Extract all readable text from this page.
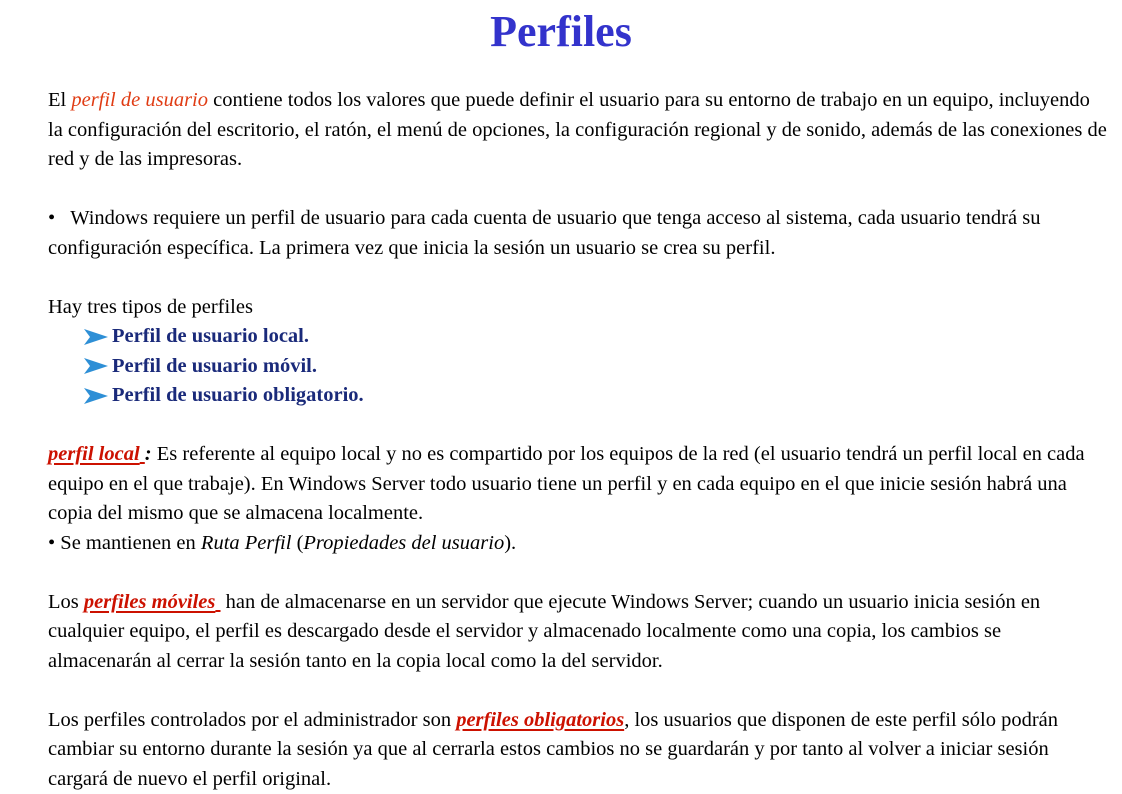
Perfiles

El perfil de usuario contiene todos los valores que puede definir el usuario para su entorno de trabajo en un equipo, incluyendo la configuración del escritorio, el ratón, el menú de opciones, la configuración regional y de sonido, además de las conexiones de red y de las impresoras.

• Windows requiere un perfil de usuario para cada cuenta de usuario que tenga acceso al sistema, cada usuario tendrá su configuración específica. La primera vez que inicia la sesión un usuario se crea su perfil.

Hay tres tipos de perfiles

Perfil de usuario local.
Perfil de usuario móvil.
Perfil de usuario obligatorio.

perfil local : Es referente al equipo local y no es compartido por los equipos de la red (el usuario tendrá un perfil local en cada equipo en el que trabaje). En Windows Server todo usuario tiene un perfil y en cada equipo en el que inicie sesión habrá una copia del mismo que se almacena localmente.

• Se mantienen en Ruta Perfil (Propiedades del usuario).

Los perfiles móviles  han de almacenarse en un servidor que ejecute Windows Server; cuando un usuario inicia sesión en cualquier equipo, el perfil es descargado desde el servidor y almacenado localmente como una copia, los cambios se almacenarán al cerrar la sesión tanto en la copia local como la del servidor.

Los perfiles controlados por el administrador son perfiles obligatorios, los usuarios que disponen de este perfil sólo podrán cambiar su entorno durante la sesión ya que al cerrarla estos cambios no se guardarán y por tanto al volver a iniciar sesión cargará de nuevo el perfil original.
